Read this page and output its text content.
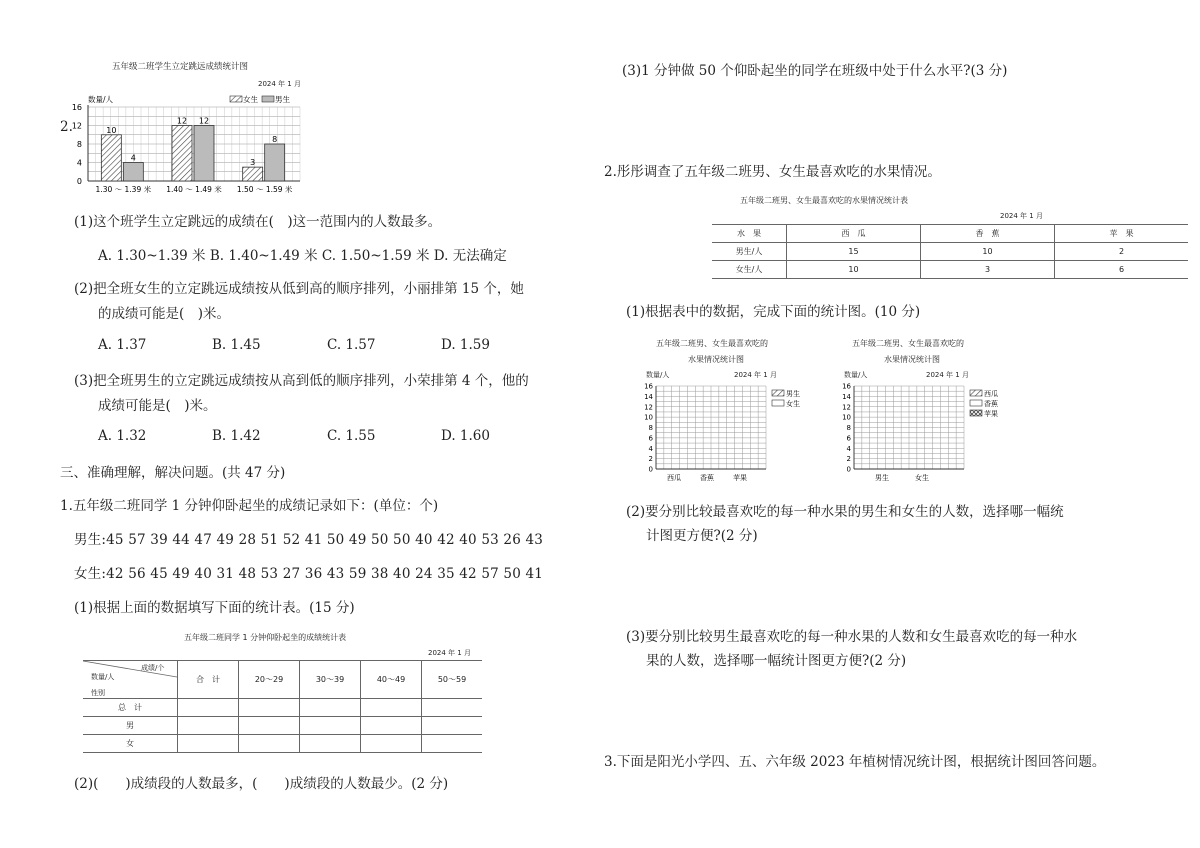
五年级二班学生立定跳远成绩统计图
2024 年 1 月
2.
0
4
8
12
16
数量/人	女生 男生
10
4
1.30 ～ 1.39 米
12 12
1.40 ～ 1.49 米
3
8
1.50 ～ 1.59 米
(1)这个班学生立定跳远的成绩在(　)这一范围内的人数最多。
A. 1.30~1.39 米 B. 1.40~1.49 米 C. 1.50~1.59 米 D. 无法确定
(2)把全班女生的立定跳远成绩按从低到高的顺序排列，小丽排第 15 个，她
的成绩可能是(　)米。
A. 1.37	B. 1.45	C. 1.57	D. 1.59
(3)把全班男生的立定跳远成绩按从高到低的顺序排列，小荣排第 4 个，他的
成绩可能是(　)米。
A. 1.32	B. 1.42	C. 1.55	D. 1.60
三、准确理解，解决问题。(共 47 分)
1.五年级二班同学 1 分钟仰卧起坐的成绩记录如下：(单位：个)
男生:45 57 39 44 47 49 28 51 52 41 50 49 50 50 40 42 40 53 26 43
女生:42 56 45 49 40 31 48 53 27 36 43 59 38 40 24 35 42 57 50 41
(1)根据上面的数据填写下面的统计表。(15 分)
五年级二班同学 1 分钟仰卧起坐的成绩统计表
2024 年 1 月
成绩/个
数量/人
性别	合　计	20～29	30～39	40～49	50～59
总　计					
男					
女					
(2)(　　)成绩段的人数最多，(　　)成绩段的人数最少。(2 分)
(3)1 分钟做 50 个仰卧起坐的同学在班级中处于什么水平?(3 分)
2.彤彤调查了五年级二班男、女生最喜欢吃的水果情况。
五年级二班男、女生最喜欢吃的水果情况统计表
2024 年 1 月
水　果	西　瓜	香　蕉	苹　果
男生/人	15	10	2
女生/人	10	3	6
(1)根据表中的数据，完成下面的统计图。(10 分)
五年级二班男、女生最喜欢吃的
水果情况统计图
数量/人	2024 年 1 月
0
2
4
6
8
10
12
14
16
西瓜	香蕉	苹果
男生
女生
五年级二班男、女生最喜欢吃的
水果情况统计图
数量/人	2024 年 1 月
0
2
4
6
8
10
12
14
16
男生	女生
西瓜
香蕉
苹果
(2)要分别比较最喜欢吃的每一种水果的男生和女生的人数，选择哪一幅统
计图更方便?(2 分)
(3)要分别比较男生最喜欢吃的每一种水果的人数和女生最喜欢吃的每一种水
果的人数，选择哪一幅统计图更方便?(2 分)
3.下面是阳光小学四、五、六年级 2023 年植树情况统计图，根据统计图回答问题。
